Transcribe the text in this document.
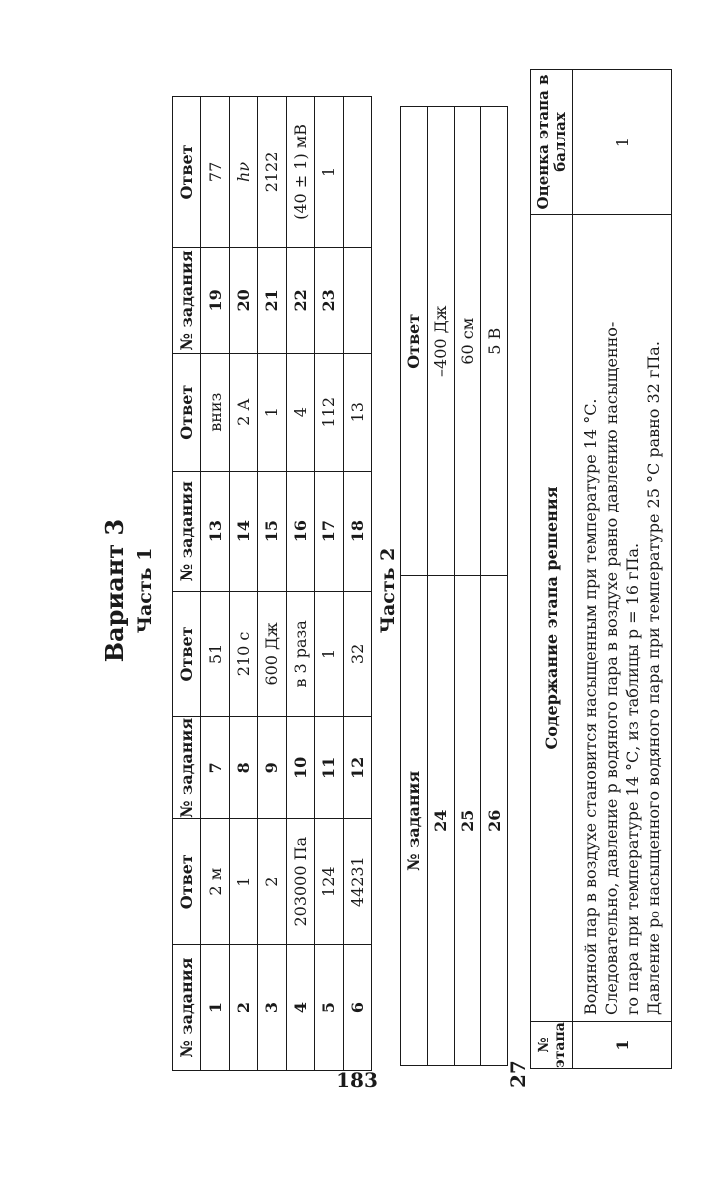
Вариант 3 Часть 1
№ задания	Ответ	№ задания	Ответ	№ задания	Ответ	№ задания	Ответ
1	2 м	7	51	13	вниз	19	77
2	1	8	210 с	14	2 А	20	hν
3	2	9	600 Дж	15	1	21	2122
4	203000 Па	10	в 3 раза	16	4	22	(40 ± 1) мВ
5	124	11	1	17	112	23	1
6	44231	12	32	18	13		
Часть 2
№ задания	Ответ
24	–400 Дж
25	60 см
26	5 В
27
№ этапа	Содержание этапа решения	Оценка этапа в баллах
1	Водяной пар в воздухе становится насыщенным при температуре 14 °С. Следовательно, давление p водяного пара в воздухе равно давлению насыщенно- го пара при температуре 14 °С, из таблицы p = 16 гПа. Давление p₀ насыщенного водяного пара при температуре 25 °С равно 32 гПа.	1
183
